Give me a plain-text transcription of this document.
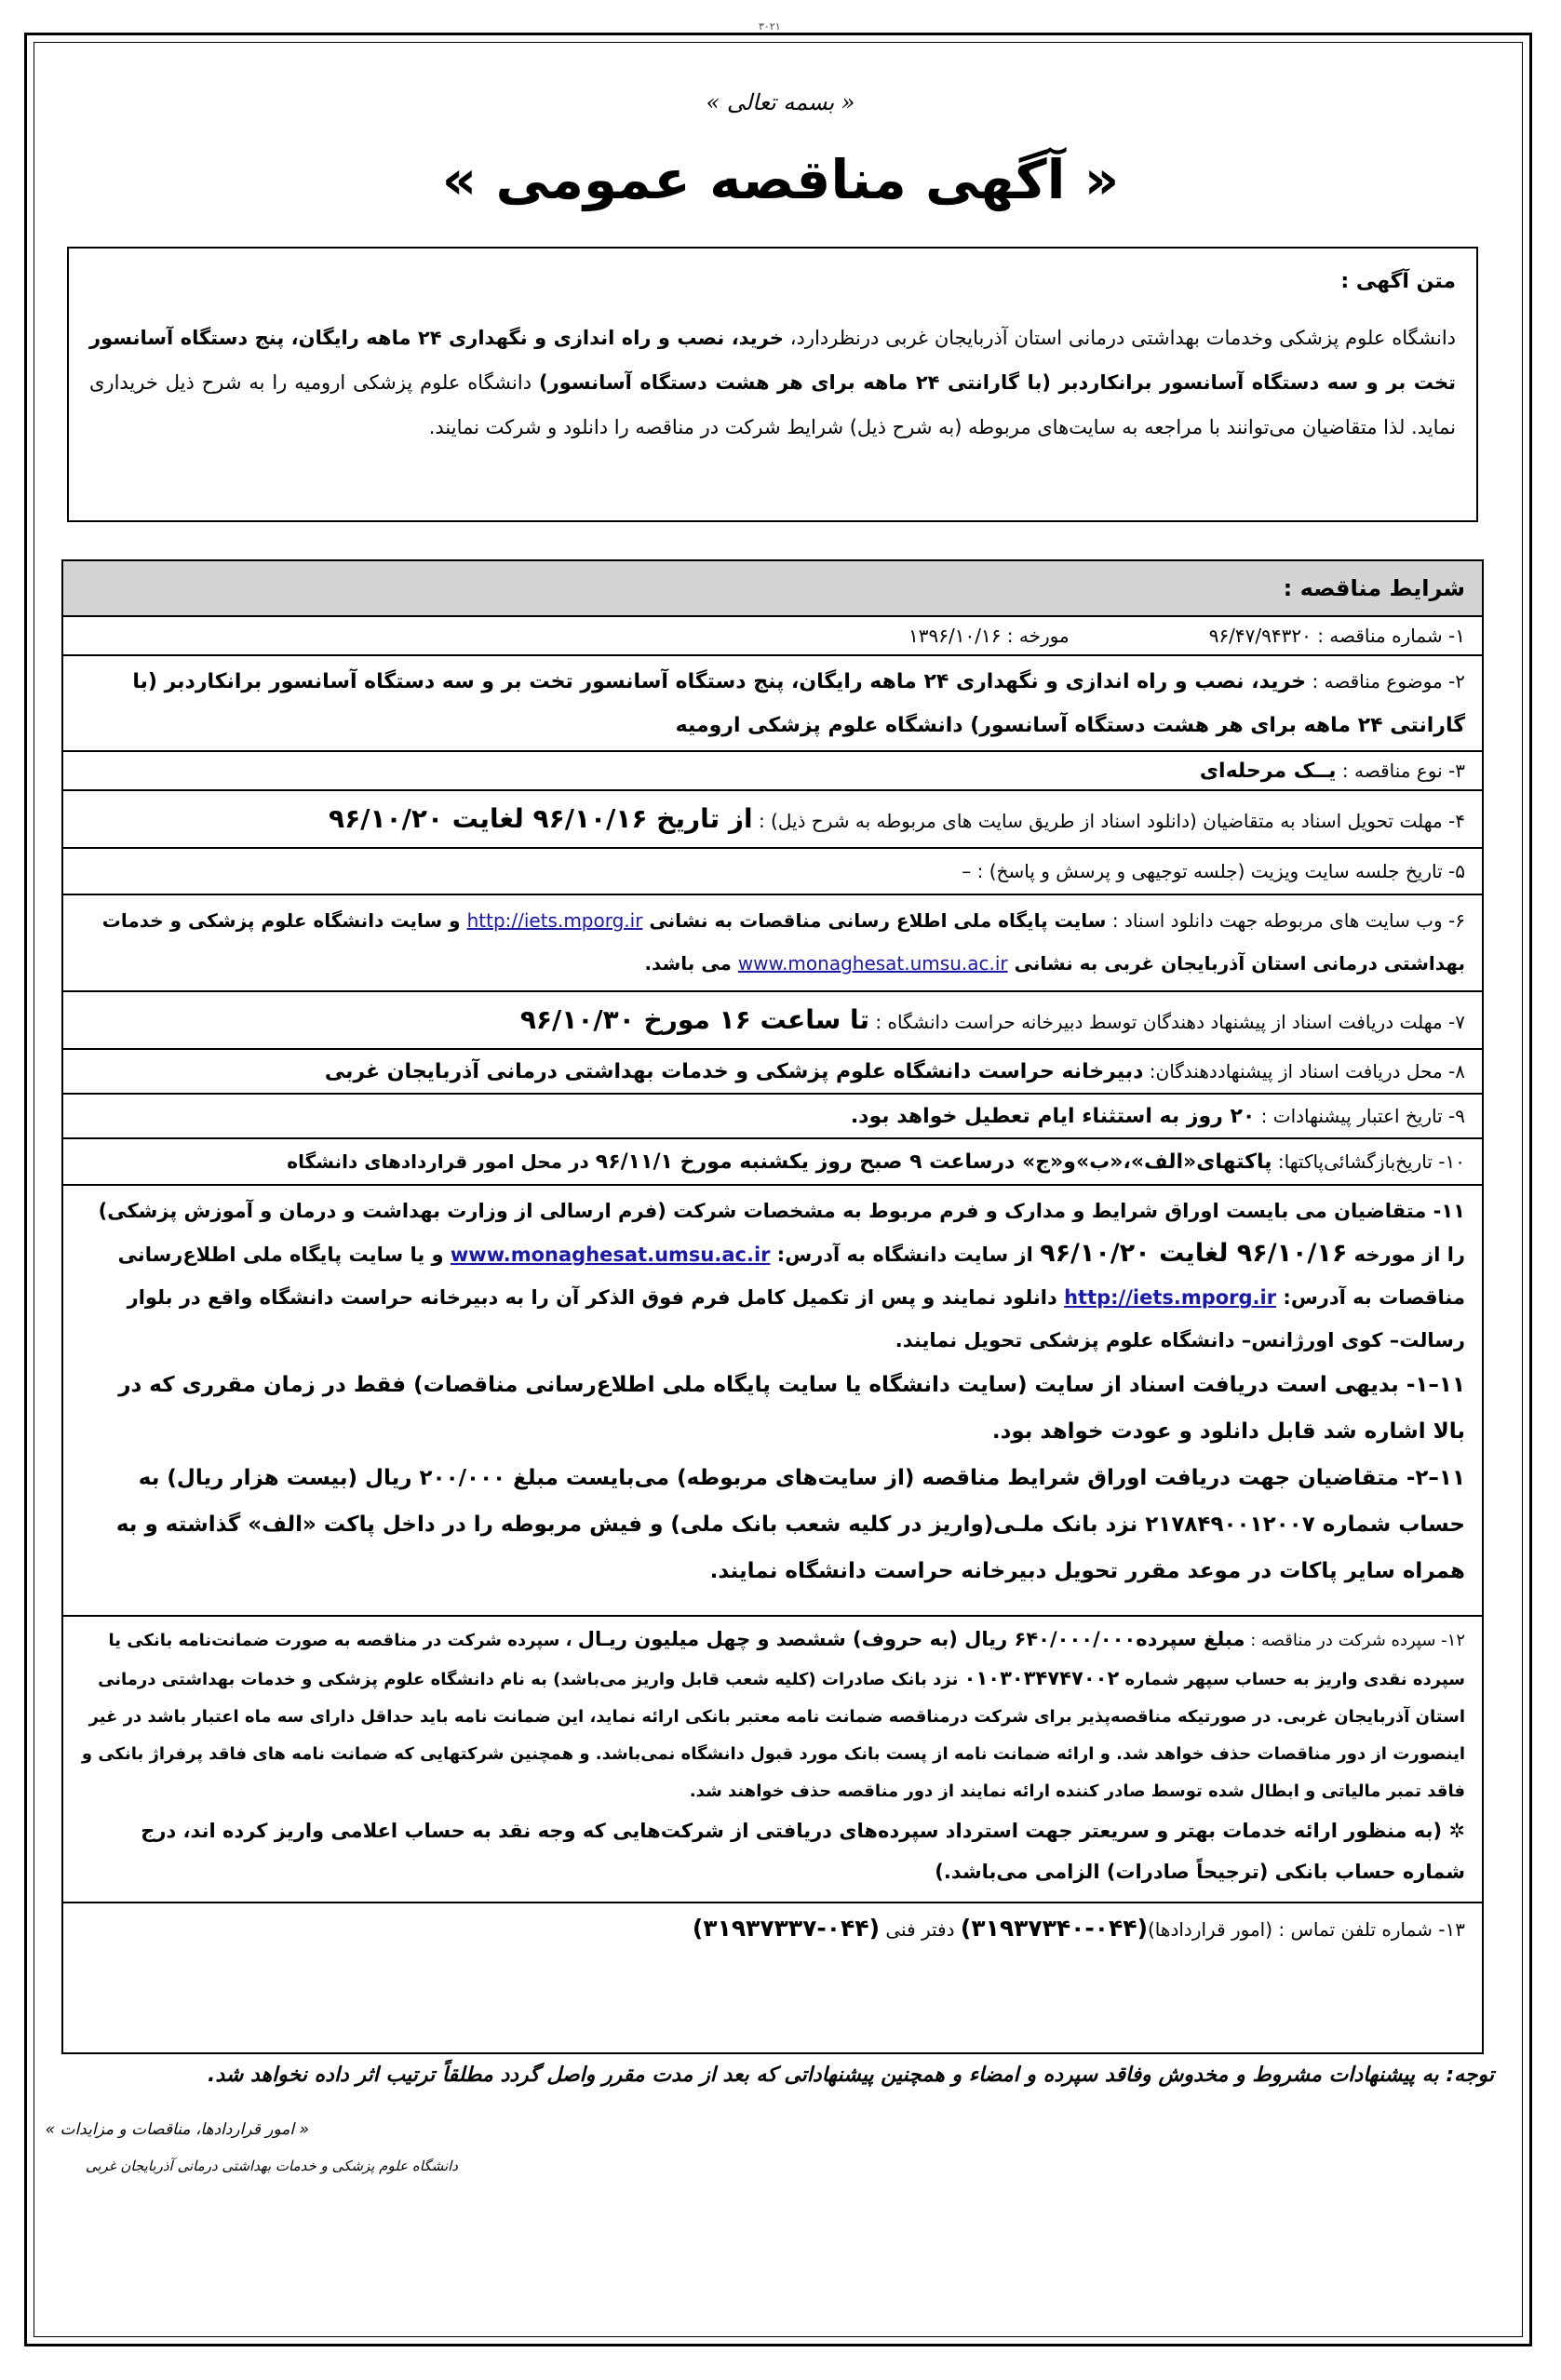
۳۰۲۱
« بسمه تعالی »
« آگهی مناقصه عمومی »
متن آگهی :
دانشگاه علوم پزشکی وخدمات بهداشتی درمانی استان آذربایجان غربی درنظردارد، خرید، نصب و راه اندازی و نگهداری ۲۴ ماهه رایگان، پنج دستگاه آسانسور تخت بر و سه دستگاه آسانسور برانکاردبر (با گارانتی ۲۴ ماهه برای هر هشت دستگاه آسانسور) دانشگاه علوم پزشکی ارومیه را به شرح ذیل خریداری نماید. لذا متقاضیان می‌توانند با مراجعه به سایت‌های مربوطه (به شرح ذیل) شرایط شرکت در مناقصه را دانلود و شرکت نمایند.
شرایط مناقصه :
۱- شماره مناقصه : ۹۶/۴۷/۹۴۳۲۰
مورخه : ۱۳۹۶/۱۰/۱۶
۲- موضوع مناقصه : خرید، نصب و راه اندازی و نگهداری ۲۴ ماهه رایگان، پنج دستگاه آسانسور تخت بر و سه دستگاه آسانسور برانکاردبر (با گارانتی ۲۴ ماهه برای هر هشت دستگاه آسانسور) دانشگاه علوم پزشکی ارومیه
۳- نوع مناقصه : یــک مرحله‌ای
۴- مهلت تحویل اسناد به متقاضیان (دانلود اسناد از طریق سایت های مربوطه به شرح ذیل) : از تاریخ ۹۶/۱۰/۱۶ لغایت ۹۶/۱۰/۲۰
۵- تاریخ جلسه سایت ویزیت (جلسه توجیهی و پرسش و پاسخ) : –
۶- وب سایت های مربوطه جهت دانلود اسناد : سایت پایگاه ملی اطلاع رسانی مناقصات به نشانی http://iets.mporg.ir و سایت دانشگاه علوم پزشکی و خدمات بهداشتی درمانی استان آذربایجان غربی به نشانی www.monaghesat.umsu.ac.ir می باشد.
۷- مهلت دریافت اسناد از پیشنهاد دهندگان توسط دبیرخانه حراست دانشگاه : تا ساعت ۱۶ مورخ ۹۶/۱۰/۳۰
۸- محل دریافت اسناد از پیشنهاددهندگان: دبیرخانه حراست دانشگاه علوم پزشکی و خدمات بهداشتی درمانی آذربایجان غربی
۹- تاریخ اعتبار پیشنهادات : ۲۰ روز به استثناء ایام تعطیل خواهد بود.
۱۰- تاریخ‌بازگشائی‌پاکتها: پاکتهای«الف»،«ب»و«ج» درساعت ۹ صبح روز یکشنبه مورخ ۹۶/۱۱/۱ در محل امور قراردادهای دانشگاه
۱۱- متقاضیان می بایست اوراق شرایط و مدارک و فرم مربوط به مشخصات شرکت (فرم ارسالی از وزارت بهداشت و درمان و آموزش پزشکی) را از مورخه ۹۶/۱۰/۱۶ لغایت ۹۶/۱۰/۲۰ از سایت دانشگاه به آدرس: www.monaghesat.umsu.ac.ir و یا سایت پایگاه ملی اطلاع‌رسانی مناقصات به آدرس: http://iets.mporg.ir دانلود نمایند و پس از تکمیل کامل فرم فوق الذکر آن را به دبیرخانه حراست دانشگاه واقع در بلوار رسالت– کوی اورژانس– دانشگاه علوم پزشکی تحویل نمایند.
۱۱–۱- بدیهی است دریافت اسناد از سایت (سایت دانشگاه یا سایت پایگاه ملی اطلاع‌رسانی مناقصات) فقط در زمان مقرری که در بالا اشاره شد قابل دانلود و عودت خواهد بود.
۱۱–۲- متقاضیان جهت دریافت اوراق شرایط مناقصه (از سایت‌های مربوطه) می‌بایست مبلغ ۲۰۰/۰۰۰ ریال (بیست هزار ریال) به حساب شماره ۲۱۷۸۴۹۰۰۱۲۰۰۷ نزد بانک ملـی(واریز در کلیه شعب بانک ملی) و فیش مربوطه را در داخل پاکت «الف» گذاشته و به همراه سایر پاکات در موعد مقرر تحویل دبیرخانه حراست دانشگاه نمایند.
۱۲- سپرده شرکت در مناقصه : مبلغ سپرده۶۴۰/۰۰۰/۰۰۰ ریال (به حروف) ششصد و چهل میلیون ریـال ، سپرده شرکت در مناقصه به صورت ضمانت‌نامه بانکی یا سپرده نقدی واریز به حساب سپهر شماره ۰۱۰۳۰۳۴۷۴۷۰۰۲ نزد بانک صادرات (کلیه شعب قابل واریز می‌باشد) به نام دانشگاه علوم پزشکی و خدمات بهداشتی درمانی استان آذربایجان غربی. در صورتیکه مناقصه‌پذیر برای شرکت درمناقصه ضمانت نامه معتبر بانکی ارائه نماید، این ضمانت نامه باید حداقل دارای سه ماه اعتبار باشد در غیر اینصورت از دور مناقصات حذف خواهد شد. و ارائه ضمانت نامه از پست بانک مورد قبول دانشگاه نمی‌باشد. و همچنین شرکتهایی که ضمانت نامه های فاقد پرفراژ بانکی و فاقد تمبر مالیاتی و ابطال شده توسط صادر کننده ارائه نمایند از دور مناقصه حذف خواهند شد.
✲ (به منظور ارائه خدمات بهتر و سریعتر جهت استرداد سپرده‌های دریافتی از شرکت‌هایی که وجه نقد به حساب اعلامی واریز کرده اند، درج شماره حساب بانکی (ترجیحاً صادرات) الزامی می‌باشد.)
۱۳- شماره تلفن تماس : (امور قراردادها)(۰۴۴-۳۱۹۳۷۳۴۰) دفتر فنی (۰۴۴-۳۱۹۳۷۳۳۷)
توجه: به پیشنهادات مشروط و مخدوش وفاقد سپرده و امضاء و همچنین پیشنهاداتی که بعد از مدت مقرر واصل گردد مطلقاً ترتیب اثر داده نخواهد شد.
« امور قراردادها، مناقصات و مزایدات »
دانشگاه علوم پزشکی و خدمات بهداشتی درمانی آذربایجان غربی
